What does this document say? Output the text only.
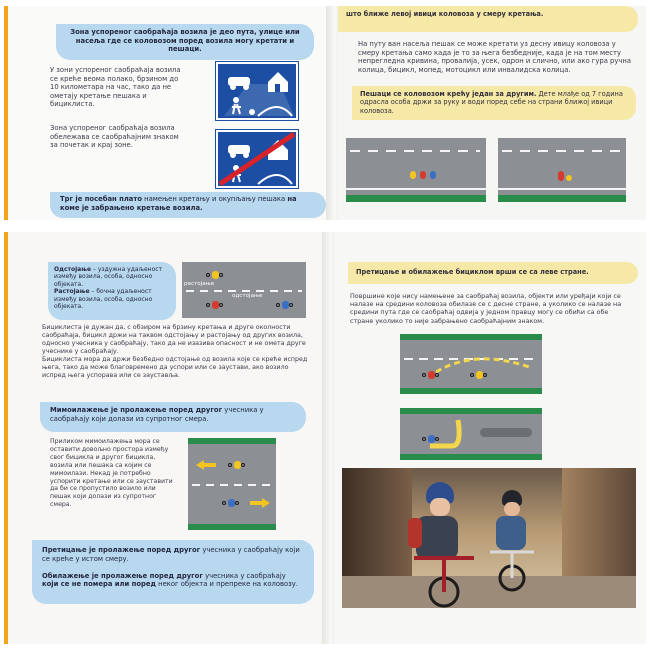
Зона успореног саобраћаја возила је део пута, улице или насеља где се коловозом поред возила могу кретати и пешаци.
У зони успореног саобраћаја возила се креће веома полако, брзином до 10 километара на час, тако да не ометају кретање пешака и бициклиста.
Зона успореног саобраћаја возила обележава се саобраћајним знаком за почетак и крај зоне.
Трг је посебан плато намењен кретању и окупљању пешака на коме је забрањено кретање возила.
што ближе левој ивици коловоза у смеру кретања.
На путу ван насеља пешак се може кретати уз десну ивицу коловоза у смеру кретања само када је то за њега безбедније, када је на том месту непрегледна кривина, провалија, усек, одрон и слично, или ако гура ручна колица, бицикл, мопед, мотоцикл или инвалидска колица.
Пешаци се коловозом крећу један за другим. Дете млађе од 7 година одрасла особа држи за руку и води поред себе на страни ближој ивици коловоза.
Одстојање – уздужна удаљеност између возила, особа, односно објеката.
Растојање – бочна удаљеност између возила, особа, односно објеката.
растојање
одстојање
Бициклиста је дужан да, с обзиром на брзину кретања и друге околности саобраћаја, бицикл држи на таквом одстојању и растојању од других возила, односно учесника у саобраћају, тако да не изазива опасност и не омета друге учеснике у саобраћају.
Бициклиста мора да држи безбедно одстојање од возила које се креће испред њега, тако да може благовремено да успори или се заустави, ако возило испред њега успорава или се зауставља.
Мимоилажење је пролажење поред другог учесника у саобраћају који долази из супротног смера.
Приликом мимоилажења мора се оставити довољно простора између свог бицикла и другог бицикла, возила или пешака са којим се мимоилази. Некад је потребно успорити кретање или се зауставити да би се пропустило возило или пешак који долази из супротног смера.
Претицање је пролажење поред другог учесника у саобраћају који се креће у истом смеру.

Обилажење је пролажење поред другог учесника у саобраћају који се не помера или поред неког објекта и препреке на коловозу.
Претицање и обилажење бициклом врши се са леве стране.
Површине које нису намењене за саобраћај возила, објекти или уређаји који се налазе на средини коловоза обилазе се с десне стране, а уколико се налазе на средини пута где се саобраћај одвија у једном правцу могу се обићи са обе стране уколико то није забрањено саобраћајним знаком.
